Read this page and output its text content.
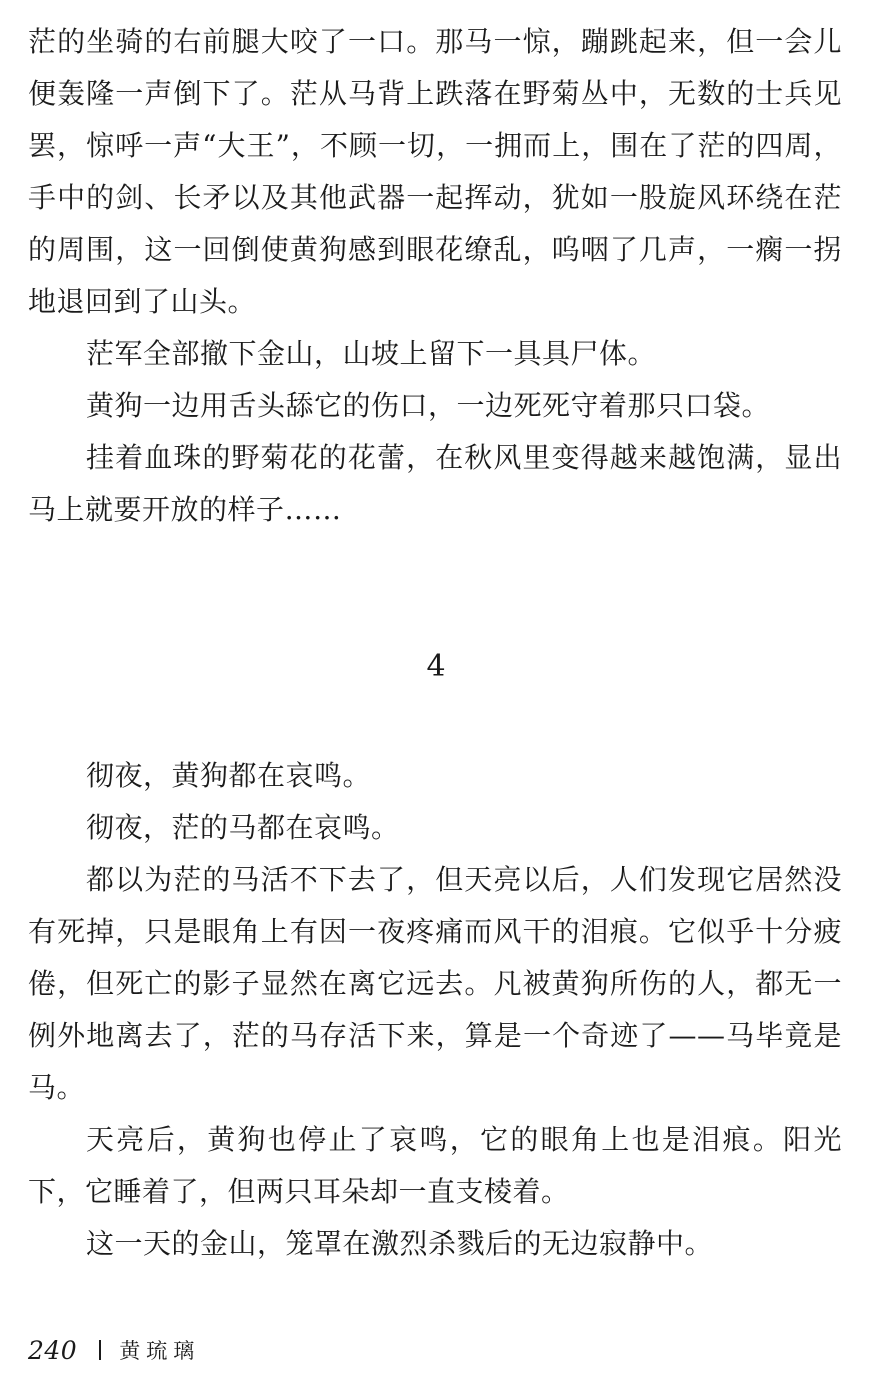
茫的坐骑的右前腿大咬了一口。那马一惊，蹦跳起来，但一会儿便轰隆一声倒下了。茫从马背上跌落在野菊丛中，无数的士兵见罢，惊呼一声“大王”，不顾一切，一拥而上，围在了茫的四周，手中的剑、长矛以及其他武器一起挥动，犹如一股旋风环绕在茫的周围，这一回倒使黄狗感到眼花缭乱，呜咽了几声，一瘸一拐地退回到了山头。

茫军全部撤下金山，山坡上留下一具具尸体。

黄狗一边用舌头舔它的伤口，一边死死守着那只口袋。

挂着血珠的野菊花的花蕾，在秋风里变得越来越饱满，显出马上就要开放的样子……

4

彻夜，黄狗都在哀鸣。

彻夜，茫的马都在哀鸣。

都以为茫的马活不下去了，但天亮以后，人们发现它居然没有死掉，只是眼角上有因一夜疼痛而风干的泪痕。它似乎十分疲倦，但死亡的影子显然在离它远去。凡被黄狗所伤的人，都无一例外地离去了，茫的马存活下来，算是一个奇迹了——马毕竟是马。

天亮后，黄狗也停止了哀鸣，它的眼角上也是泪痕。阳光下，它睡着了，但两只耳朵却一直支棱着。

这一天的金山，笼罩在激烈杀戮后的无边寂静中。

240 黄琉璃
